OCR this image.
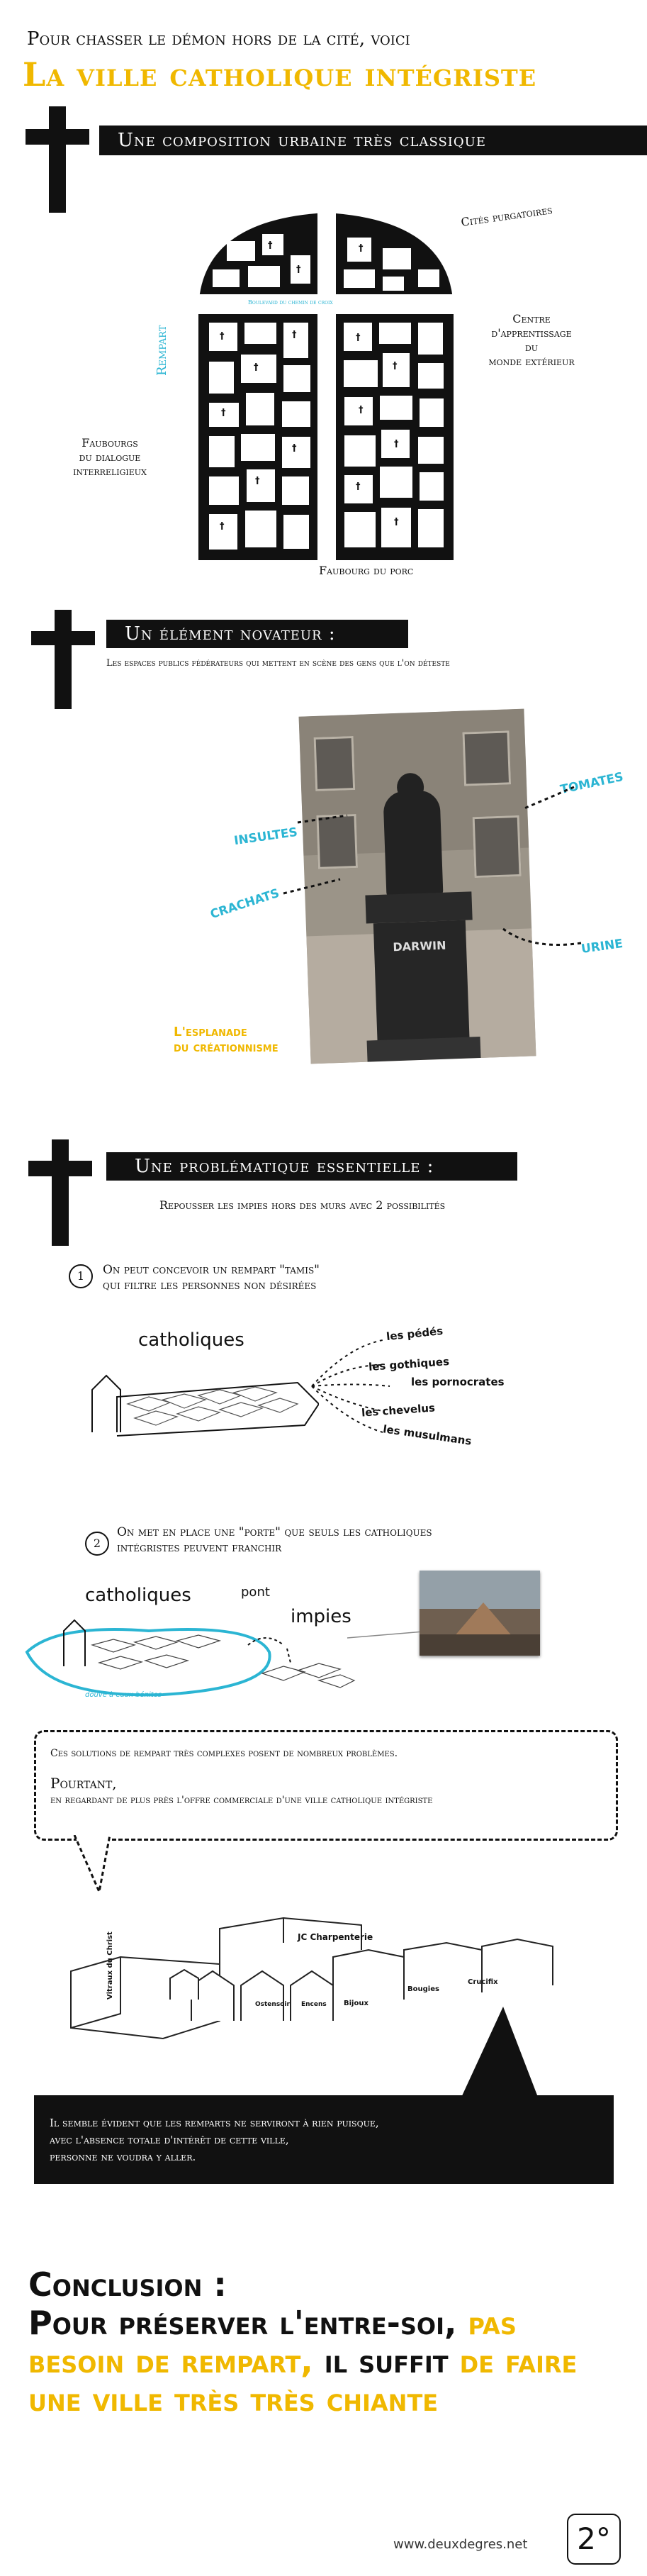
Pour chasser le démon hors de la cité, voici
La ville catholique intégriste
Une composition urbaine très classique
†	†
†
†	†
†
†	†
†	†
†	†
†
†
†	†
Boulevard du chemin de croix
Cités purgatoires
Centre
d'apprentissage
du
monde extérieur
Faubourgs
du dialogue
interreligieux
Rempart
Faubourg du porc
Un élément novateur :
Les espaces publics fédérateurs qui mettent en scène des gens que l'on déteste
DARWIN
INSULTES
TOMATES
CRACHATS
URINE
L'esplanade
du créationnisme
Une problématique essentielle :
Repousser les impies hors des murs avec 2 possibilités
1	On peut concevoir un rempart "tamis"
qui filtre les personnes non désirées
catholiques	les pédés
les gothiques
les pornocrates
les chevelus
les musulmans
2
On met en place une "porte" que seuls les catholiques
intégristes peuvent franchir
catholiques	pont
impies
douve à eaux bénites
Ces solutions de rempart très complexes posent de nombreux problèmes.
Pourtant,
en regardant de plus près l'offre commerciale d'une ville catholique intégriste
Vitraux du Christ	JC Charpenterie
Bougies
Crucifix
Bijoux
Ostensoir Encens
Il semble évident que les remparts ne serviront à rien puisque,
avec l'absence totale d'intérêt de cette ville,
personne ne voudra y aller.
Conclusion :
Pour préserver l'entre-soi, pas besoin de rempart, il suffit de faire une ville très très chiante
www.deuxdegres.net	2°
